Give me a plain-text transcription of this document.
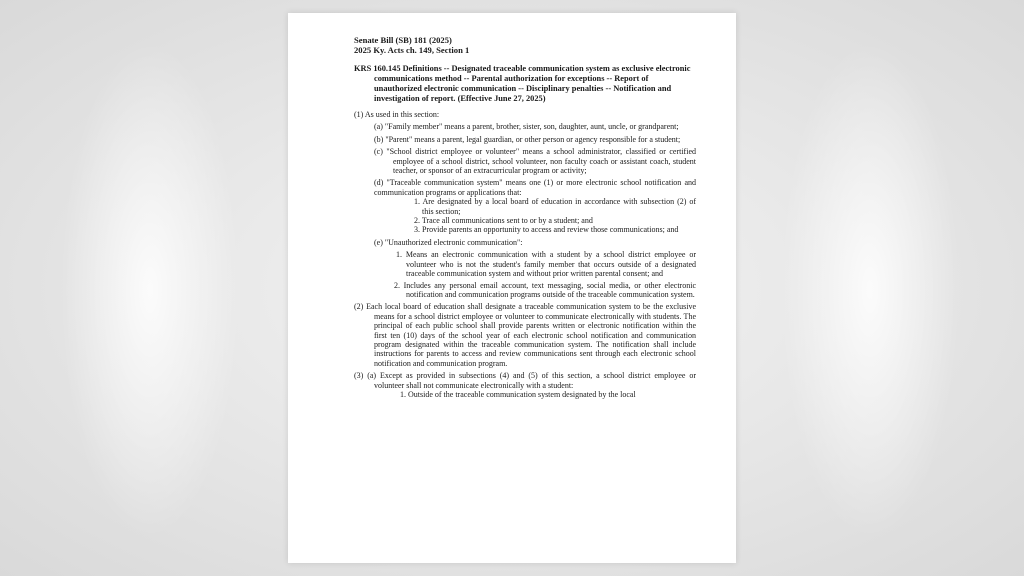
Senate Bill (SB) 181 (2025)
2025 Ky. Acts ch. 149, Section 1
KRS 160.145 Definitions -- Designated traceable communication system as exclusive electronic communications method -- Parental authorization for exceptions -- Report of unauthorized electronic communication -- Disciplinary penalties -- Notification and investigation of report. (Effective June 27, 2025)
(1) As used in this section:
(a) "Family member" means a parent, brother, sister, son, daughter, aunt, uncle, or grandparent;
(b) "Parent" means a parent, legal guardian, or other person or agency responsible for a student;
(c) "School district employee or volunteer" means a school administrator, classified or certified employee of a school district, school volunteer, non faculty coach or assistant coach, student teacher, or sponsor of an extracurricular program or activity;
(d) "Traceable communication system" means one (1) or more electronic school notification and communication programs or applications that:
1. Are designated by a local board of education in accordance with subsection (2) of this section;
2. Trace all communications sent to or by a student; and
3. Provide parents an opportunity to access and review those communications; and
(e) "Unauthorized electronic communication":
1. Means an electronic communication with a student by a school district employee or volunteer who is not the student's family member that occurs outside of a designated traceable communication system and without prior written parental consent; and
2. Includes any personal email account, text messaging, social media, or other electronic notification and communication programs outside of the traceable communication system.
(2) Each local board of education shall designate a traceable communication system to be the exclusive means for a school district employee or volunteer to communicate electronically with students. The principal of each public school shall provide parents written or electronic notification within the first ten (10) days of the school year of each electronic school notification and communication program designated within the traceable communication system. The notification shall include instructions for parents to access and review communications sent through each electronic school notification and communication program.
(3) (a) Except as provided in subsections (4) and (5) of this section, a school district employee or volunteer shall not communicate electronically with a student:
1. Outside of the traceable communication system designated by the local
